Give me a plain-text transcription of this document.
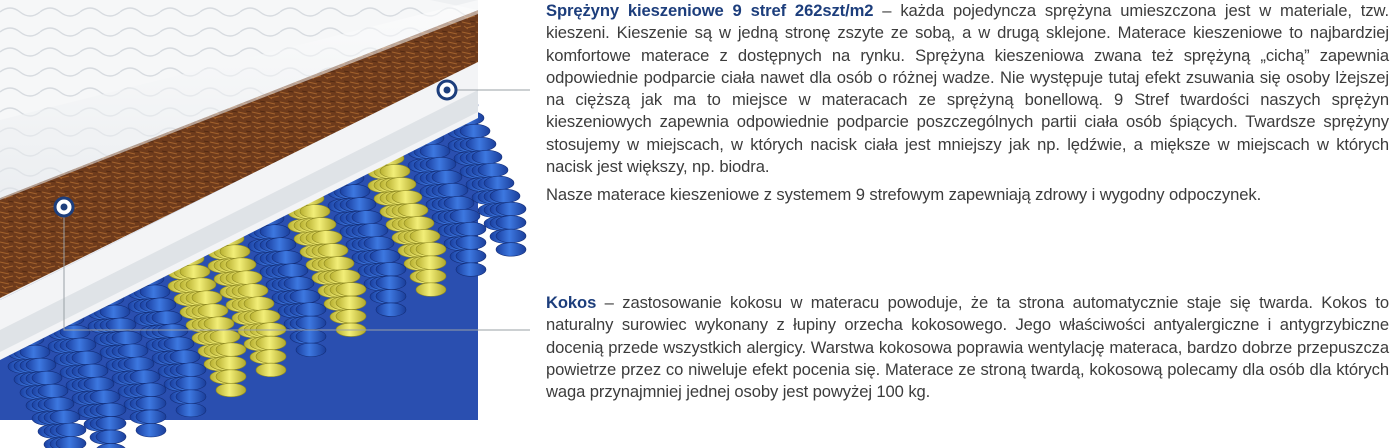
Sprężyny kieszeniowe 9 stref 262szt/m2 – każda pojedyncza sprężyna umieszczona jest w materiale, tzw. kieszeni. Kieszenie są w jedną stronę zszyte ze sobą, a w drugą sklejone. Materace kieszeniowe to najbardziej komfortowe materace z dostępnych na rynku. Sprężyna kieszeniowa zwana też sprężyną „cichą” zapewnia odpowiednie podparcie ciała nawet dla osób o różnej wadze. Nie występuje tutaj efekt zsuwania się osoby lżejszej na cięższą jak ma to miejsce w materacach ze sprężyną bonellową. 9 Stref twardości naszych sprężyn kieszeniowych zapewnia odpowiednie podparcie poszczególnych partii ciała osób śpiących. Twardsze sprężyny stosujemy w miejscach, w których nacisk ciała jest mniejszy jak np. lędźwie, a miększe w miejscach w których nacisk jest większy, np. biodra.

Nasze materace kieszeniowe z systemem 9 strefowym zapewniają zdrowy i wygodny odpoczynek.

Kokos – zastosowanie kokosu w materacu powoduje, że ta strona automatycznie staje się twarda. Kokos to naturalny surowiec wykonany z łupiny orzecha kokosowego. Jego właściwości antyalergiczne i antygrzybiczne docenią przede wszystkich alergicy. Warstwa kokosowa poprawia wentylację materaca, bardzo dobrze przepuszcza powietrze przez co niweluje efekt pocenia się. Materace ze stroną twardą, kokosową polecamy dla osób dla których waga przynajmniej jednej osoby jest powyżej 100 kg.
